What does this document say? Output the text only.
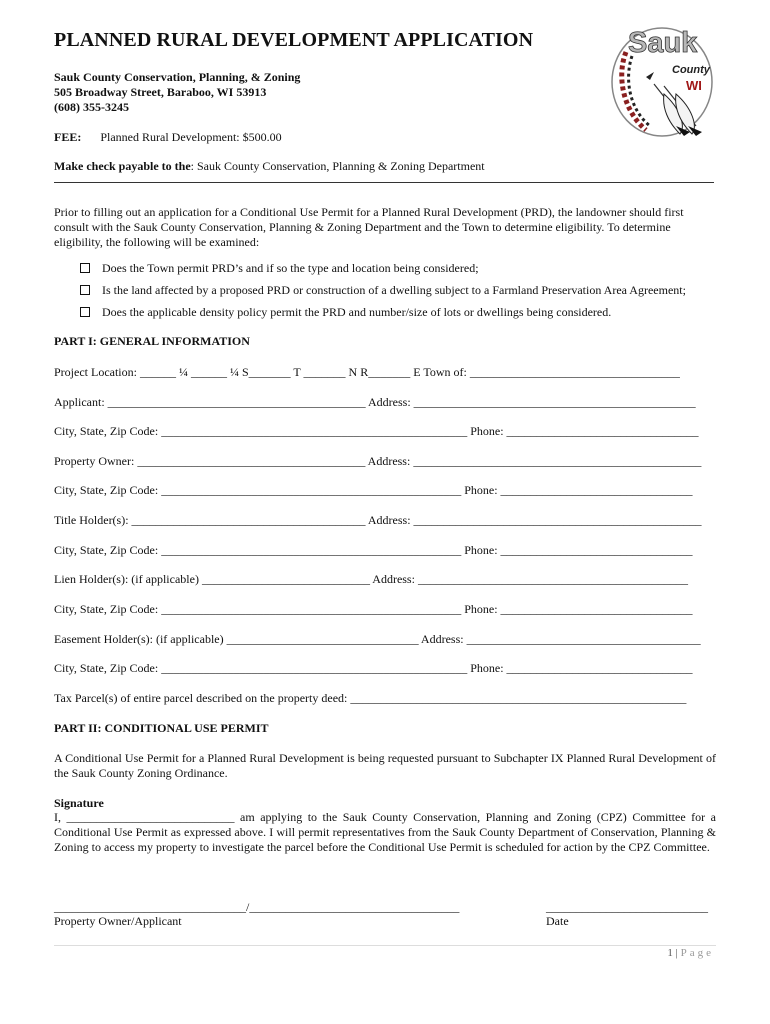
PLANNED RURAL DEVELOPMENT APPLICATION	Sauk
County
WI
Sauk County Conservation, Planning, & Zoning
505 Broadway Street, Baraboo, WI 53913
(608) 355-3245
FEE: Planned Rural Development: $500.00
Make check payable to the: Sauk County Conservation, Planning & Zoning Department
Prior to filling out an application for a Conditional Use Permit for a Planned Rural Development (PRD), the landowner should first consult with the Sauk County Conservation, Planning & Zoning Department and the Town to determine eligibility. To determine eligibility, the following will be examined:
Does the Town permit PRD’s and if so the type and location being considered;
Is the land affected by a proposed PRD or construction of a dwelling subject to a Farmland Preservation Area Agreement;
Does the applicable density policy permit the PRD and number/size of lots or dwellings being considered.
PART I: GENERAL INFORMATION
Project Location: ______ ¼ ______ ¼ S_______ T _______ N R_______ E Town of: ___________________________________
Applicant: ___________________________________________ Address: _______________________________________________
City, State, Zip Code: ___________________________________________________ Phone: ________________________________
Property Owner: ______________________________________ Address: ________________________________________________
City, State, Zip Code: __________________________________________________ Phone: ________________________________
Title Holder(s): _______________________________________ Address: ________________________________________________
City, State, Zip Code: __________________________________________________ Phone: ________________________________
Lien Holder(s): (if applicable) ____________________________ Address: _____________________________________________
City, State, Zip Code: __________________________________________________ Phone: ________________________________
Easement Holder(s): (if applicable) ________________________________ Address: _______________________________________
City, State, Zip Code: ___________________________________________________ Phone: _______________________________
Tax Parcel(s) of entire parcel described on the property deed: ________________________________________________________
PART II: CONDITIONAL USE PERMIT
A Conditional Use Permit for a Planned Rural Development is being requested pursuant to Subchapter IX Planned Rural Development of the Sauk County Zoning Ordinance.
Signature
I, ____________________________ am applying to the Sauk County Conservation, Planning and Zoning (CPZ) Committee for a Conditional Use Permit as expressed above. I will permit representatives from the Sauk County Department of Conservation, Planning & Zoning to access my property to investigate the parcel before the Conditional Use Permit is scheduled for action by the CPZ Committee.
________________________________/___________________________________	___________________________
Property Owner/Applicant	Date
1 | Page
